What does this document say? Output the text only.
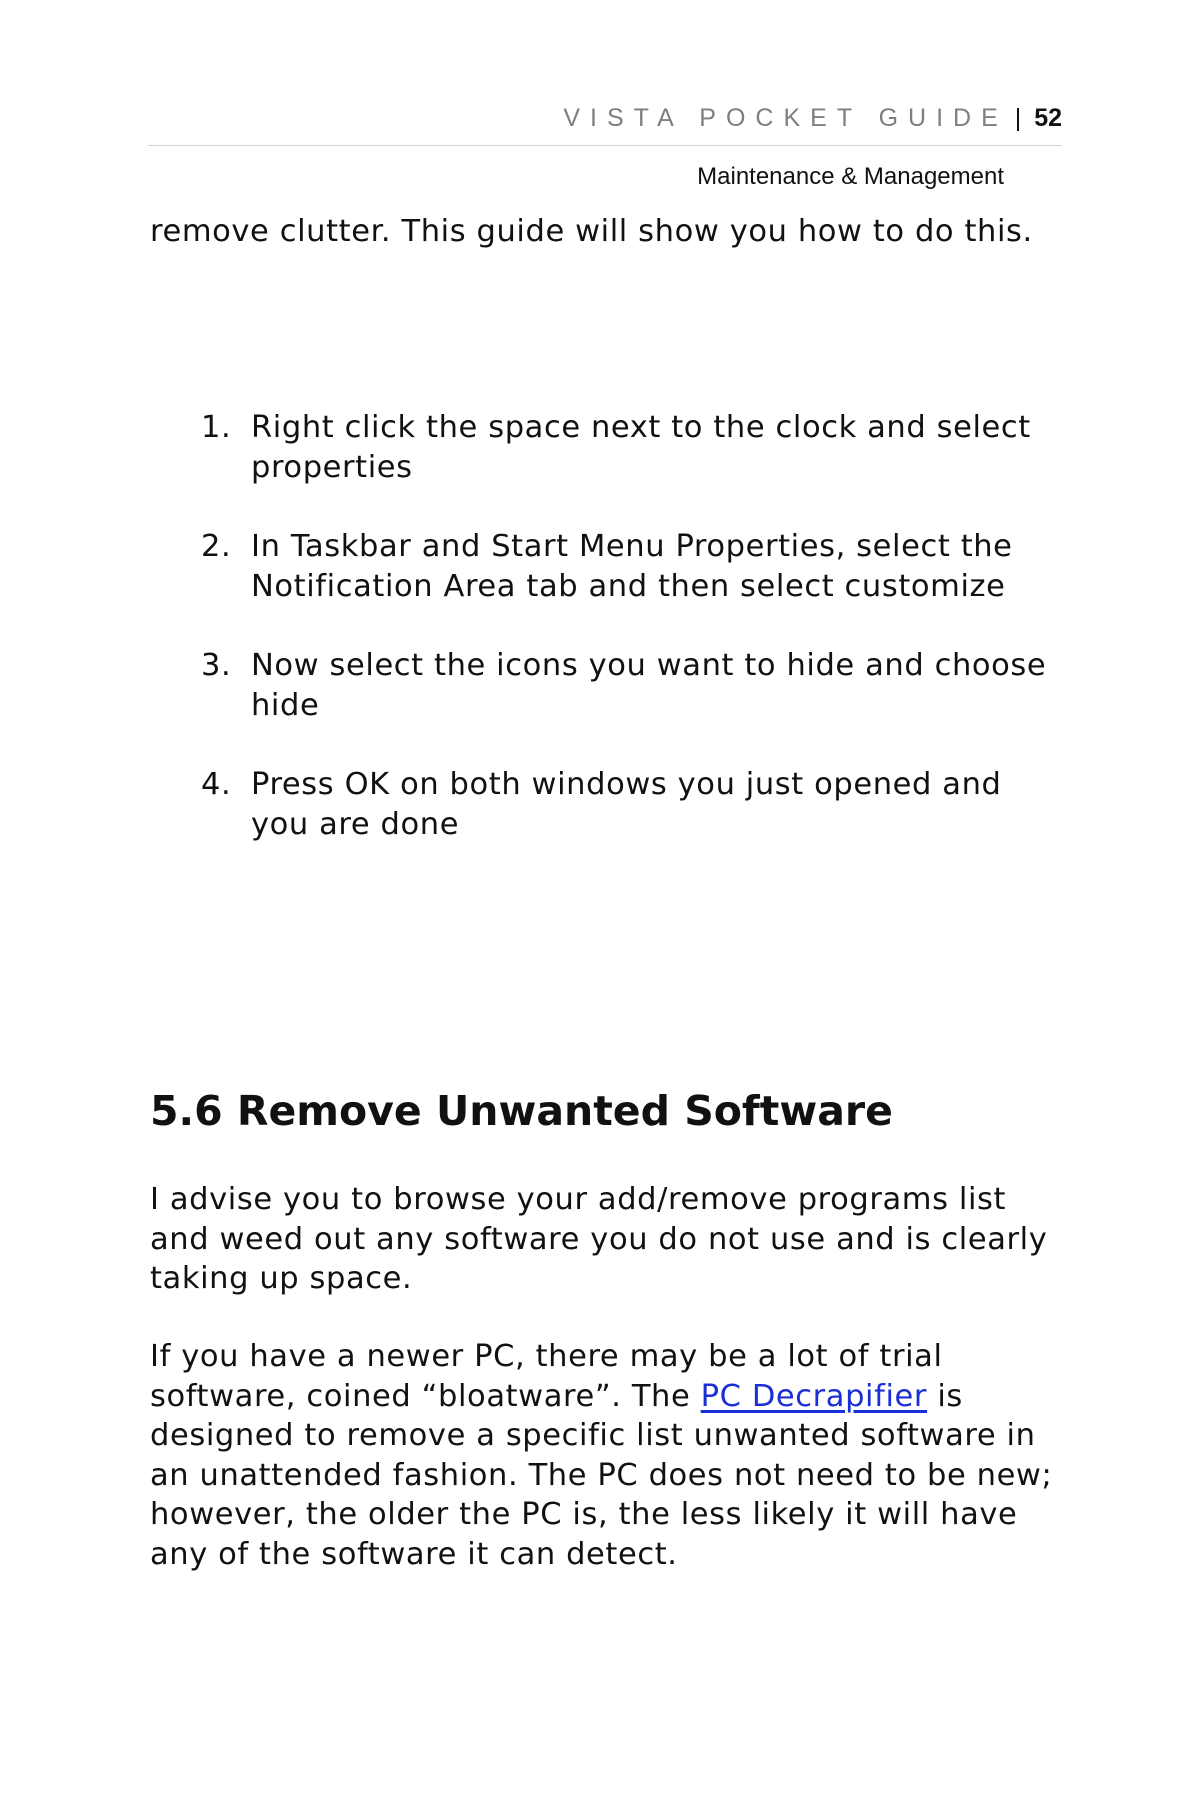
VISTA POCKET GUIDE | 52
Maintenance & Management

remove clutter. This guide will show you how to do this.

1. Right click the space next to the clock and select properties
2. In Taskbar and Start Menu Properties, select the Notification Area tab and then select customize
3. Now select the icons you want to hide and choose hide
4. Press OK on both windows you just opened and you are done
5.6 Remove Unwanted Software

I advise you to browse your add/remove programs list and weed out any software you do not use and is clearly taking up space.

If you have a newer PC, there may be a lot of trial software, coined “bloatware”. The PC Decrapifier is designed to remove a specific list unwanted software in an unattended fashion. The PC does not need to be new; however, the older the PC is, the less likely it will have any of the software it can detect.
